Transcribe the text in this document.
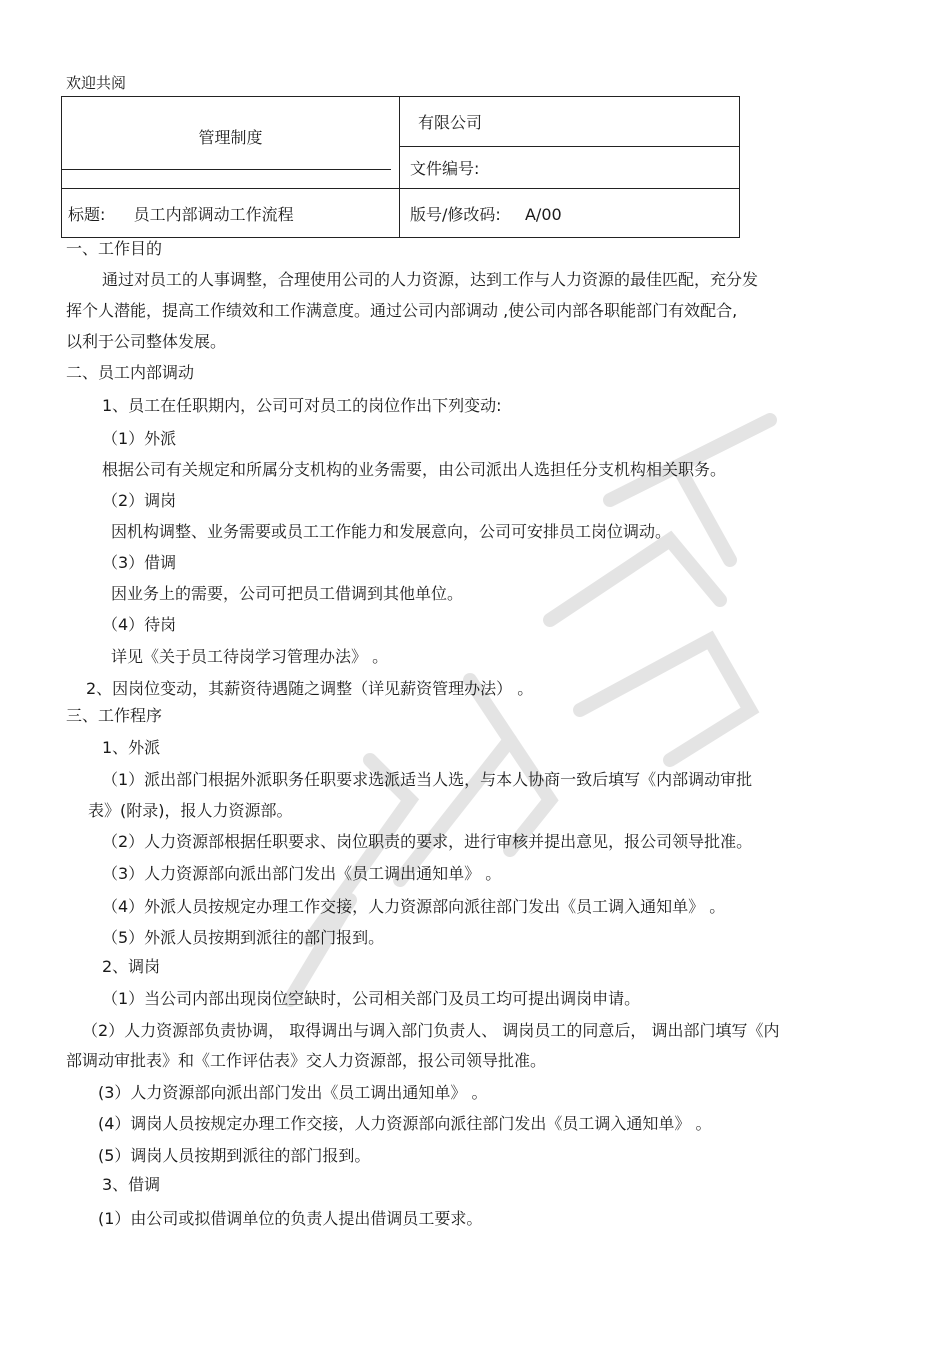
欢迎共阅
管理制度	有限公司
	文件编号:
标题: 员工内部调动工作流程	版号/修改码: A/00
一、工作目的
通过对员工的人事调整，合理使用公司的人力资源，达到工作与人力资源的最佳匹配，充分发
挥个人潜能，提高工作绩效和工作满意度。通过公司内部调动 ,使公司内部各职能部门有效配合,
以利于公司整体发展。
二、员工内部调动
1、员工在任职期内，公司可对员工的岗位作出下列变动:
（1）外派
根据公司有关规定和所属分支机构的业务需要，由公司派出人选担任分支机构相关职务。
（2）调岗
因机构调整、业务需要或员工工作能力和发展意向，公司可安排员工岗位调动。
（3）借调
因业务上的需要，公司可把员工借调到其他单位。
（4）待岗
详见《关于员工待岗学习管理办法》 。
2、因岗位变动，其薪资待遇随之调整（详见薪资管理办法） 。
三、工作程序
1、外派
（1）派出部门根据外派职务任职要求选派适当人选，与本人协商一致后填写《内部调动审批
表》(附录)，报人力资源部。
（2）人力资源部根据任职要求、岗位职责的要求，进行审核并提出意见，报公司领导批准。
（3）人力资源部向派出部门发出《员工调出通知单》 。
（4）外派人员按规定办理工作交接，人力资源部向派往部门发出《员工调入通知单》 。
（5）外派人员按期到派往的部门报到。
2、调岗
（1）当公司内部出现岗位空缺时，公司相关部门及员工均可提出调岗申请。
（2）人力资源部负责协调， 取得调出与调入部门负责人、 调岗员工的同意后， 调出部门填写《内
部调动审批表》和《工作评估表》交人力资源部，报公司领导批准。
(3）人力资源部向派出部门发出《员工调出通知单》 。
(4）调岗人员按规定办理工作交接，人力资源部向派往部门发出《员工调入通知单》 。
(5）调岗人员按期到派往的部门报到。
3、借调
(1）由公司或拟借调单位的负责人提出借调员工要求。
